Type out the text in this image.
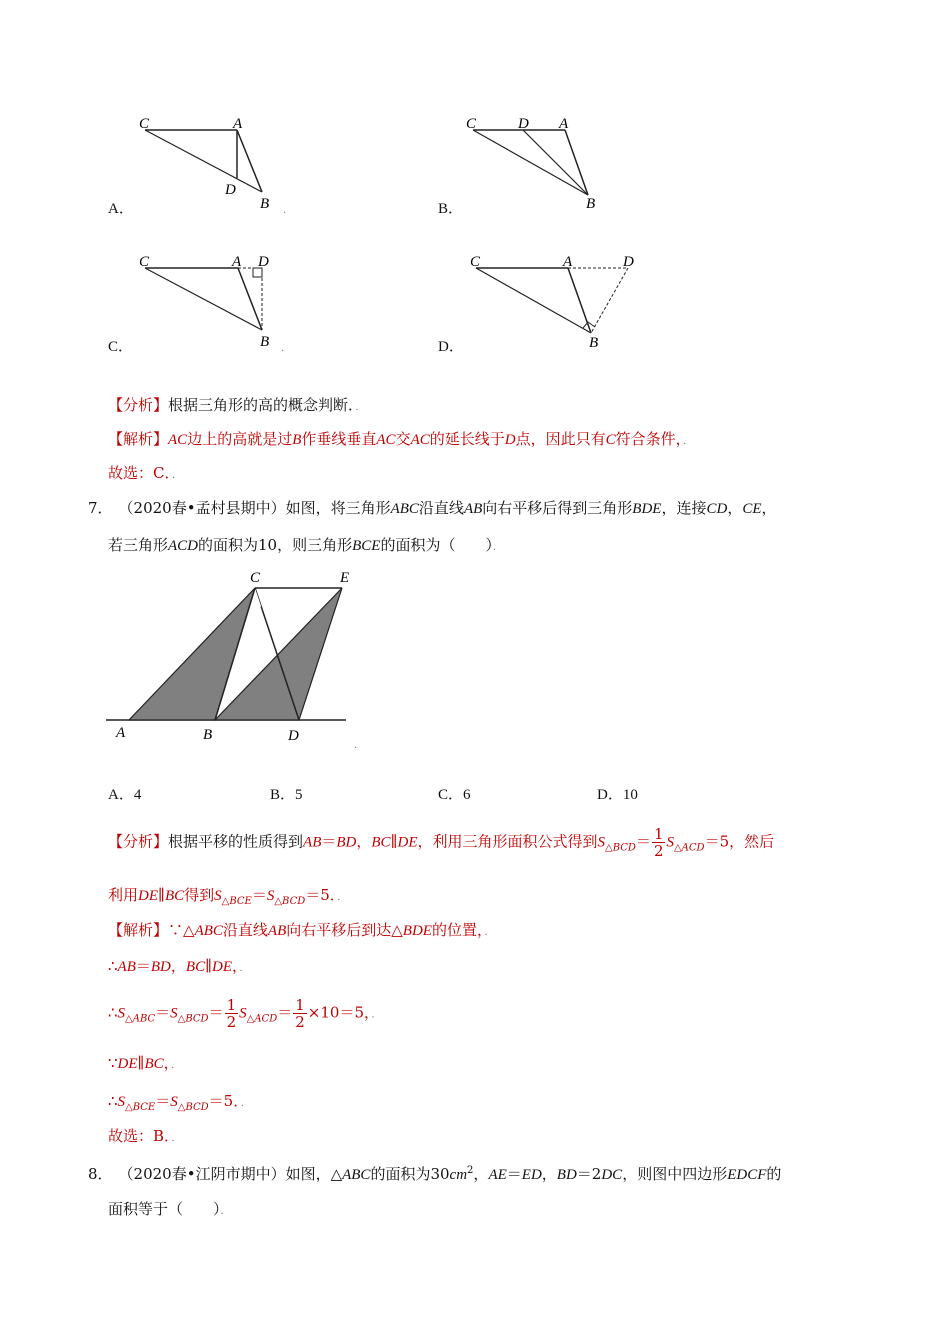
C	A
D
B
A．	.
C	D A
B
B．
C	A D
B
C．	.
C	A	D
B
D．
【分析】根据三角形的高的概念判断．．
【解析】AC边上的高就是过B作垂线垂直AC交AC的延长线于D点，因此只有C符合条件，．
故选：C．．
7． （2020春•孟村县期中）如图，将三角形ABC沿直线AB向右平移后得到三角形BDE，连接CD，CE，
若三角形ACD的面积为10，则三角形BCE的面积为（　　）．
C	E
A	B	D
．
A．4	B．5	C．6	D．10
【分析】根据平移的性质得到AB＝BD，BC∥DE，利用三角形面积公式得到$S_{\triangle BCD}= \frac{1}{2} S_{\triangle ACD}=5$，然后
利用DE∥BC得到$S_{\triangle BCE}=S_{\triangle BCD}=5$．．
【解析】∵△ABC沿直线AB向右平移后到达△BDE的位置，．
∴AB＝BD，BC∥DE，．
$\therefore S_{\triangle ABC}=S_{\triangle BCD}= \frac{1}{2} S_{\triangle ACD}= \frac{1}{2} \times 10=5$，．
∵DE∥BC，．
$\therefore S_{\triangle BCE}=S_{\triangle BCD}=5$．．
故选：B．．
8． （2020春•江阴市期中）如图，△ABC的面积为$30cm^2$，AE＝ED，BD＝2DC，则图中四边形EDCF的
面积等于（　　）．
